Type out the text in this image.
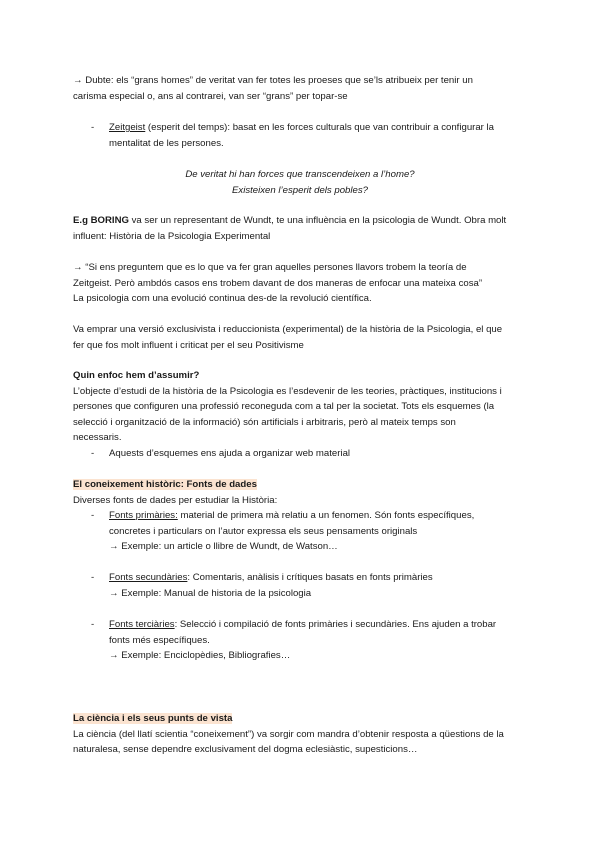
→ Dubte: els “grans homes” de veritat van fer totes les proeses que se’ls atribueix per tenir un
carisma especial o, ans al contrarei, van ser “grans” per topar-se

- Zeitgeist (esperit del temps): basat en les forces culturals que van contribuir a configurar la
mentalitat de les persones.

De veritat hi han forces que transcendeixen a l’home?
Existeixen l’esperit dels pobles?

E.g BORING va ser un representant de Wundt, te una influència en la psicologia de Wundt. Obra molt
influent: Història de la Psicologia Experimental

→ “Si ens preguntem que es lo que va fer gran aquelles persones llavors trobem la teoría de
Zeitgeist. Però ambdós casos ens trobem davant de dos maneras de enfocar una mateixa cosa”
La psicologia com una evolució continua des-de la revolució científica.

Va emprar una versió exclusivista i reduccionista (experimental) de la història de la Psicologia, el que
fer que fos molt influent i criticat per el seu Positivisme

Quin enfoc hem d’assumir?
L’objecte d’estudi de la història de la Psicologia es l’esdevenir de les teories, pràctiques, institucions i
persones que configuren una professió reconeguda com a tal per la societat. Tots els esquemes (la
selecció i organització de la informació) són artificials i arbitraris, però al mateix temps son
necessaris.

- Aquests d’esquemes ens ajuda a organizar web material

El coneixement històric: Fonts de dades
Diverses fonts de dades per estudiar la Història:

- Fonts primàries: material de primera mà relatiu a un fenomen. Són fonts específiques,
concretes i particulars on l’autor expressa els seus pensaments originals
→ Exemple: un article o llibre de Wundt, de Watson…

- Fonts secundàries: Comentaris, anàlisis i crítiques basats en fonts primàries
→ Exemple: Manual de historia de la psicologia

- Fonts terciàries: Selecció i compilació de fonts primàries i secundàries. Ens ajuden a trobar
fonts més específiques.
→ Exemple: Enciclopèdies, Bibliografies…

La ciència i els seus punts de vista
La ciència (del llatí scientia “coneixement”) va sorgir com mandra d’obtenir resposta a qüestions de la
naturalesa, sense dependre exclusivament del dogma eclesiàstic, supesticions…
